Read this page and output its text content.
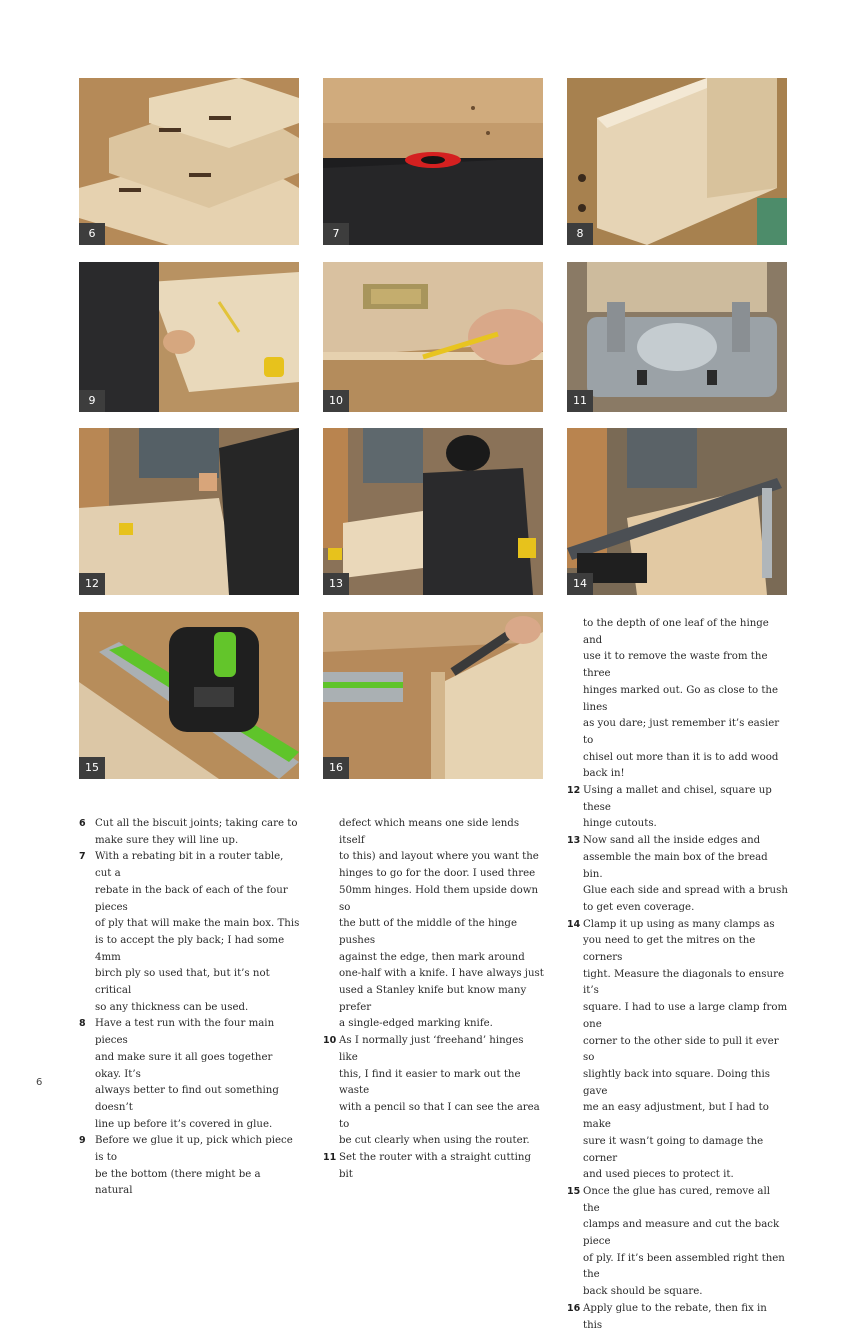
6	7	8
9	10	11
12	13	14
15	16
to the depth of one leaf of the hinge and
use it to remove the waste from the three
hinges marked out. Go as close to the lines
as you dare; just remember it’s easier to
chisel out more than it is to add wood
back in!
12 Using a mallet and chisel, square up these
hinge cutouts.
13 Now sand all the inside edges and
assemble the main box of the bread bin.
Glue each side and spread with a brush
to get even coverage.
14 Clamp it up using as many clamps as
you need to get the mitres on the corners
tight. Measure the diagonals to ensure it’s
square. I had to use a large clamp from one
corner to the other side to pull it ever so
slightly back into square. Doing this gave
me an easy adjustment, but I had to make
sure it wasn’t going to damage the corner
and used pieces to protect it.
15 Once the glue has cured, remove all the
clamps and measure and cut the back piece
of ply. If it’s been assembled right then the
back should be square.
16 Apply glue to the rebate, then fix in this
6 Cut all the biscuit joints; taking care to
make sure they will line up.
7 With a rebating bit in a router table, cut a
rebate in the back of each of the four pieces
of ply that will make the main box. This
is to accept the ply back; I had some 4mm
birch ply so used that, but it’s not critical
so any thickness can be used.
8 Have a test run with the four main pieces
and make sure it all goes together okay. It’s
always better to find out something doesn’t
line up before it’s covered in glue.
9 Before we glue it up, pick which piece is to
be the bottom (there might be a natural
defect which means one side lends itself
to this) and layout where you want the
hinges to go for the door. I used three
50mm hinges. Hold them upside down so
the butt of the middle of the hinge pushes
against the edge, then mark around
one-half with a knife. I have always just
used a Stanley knife but know many prefer
a single-edged marking knife.
10 As I normally just ‘freehand’ hinges like
this, I find it easier to mark out the waste
with a pencil so that I can see the area to
be cut clearly when using the router.
11 Set the router with a straight cutting bit
6
